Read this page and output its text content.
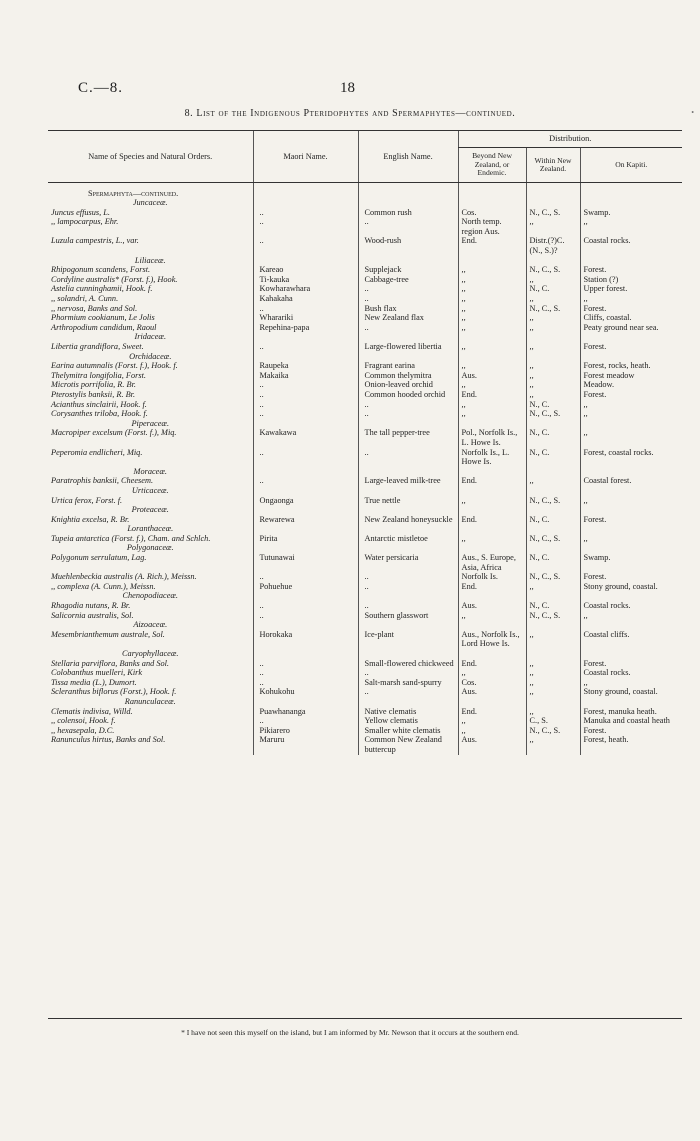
C.—8.	18
8. List of the Indigenous Pteridophytes and Spermaphytes—continued.
Name of Species and Natural Orders.	Maori Name.	English Name.	Distribution.		
			Beyond New Zealand, or Endemic.	Within New Zealand.	On Kapiti.

Spermaphyta—continued.					
Juncaceæ.					
Juncus effusus, L.	..	Common rush	Cos.	N., C., S.	Swamp.
,, lampocarpus, Ehr.	..	..	North temp. region Aus.	,,	,,
Luzula campestris, L., var.	..	Wood-rush	End.	Distr.(?)C. (N., S.)?	Coastal rocks.
Liliaceæ.					
Rhipogonum scandens, Forst.	Kareao	Supplejack	,,	N., C., S.	Forest.
Cordyline australis* (Forst. f.), Hook.	Ti-kauka	Cabbage-tree	,,	,,	Station (?)
Astelia cunninghamii, Hook. f.	Kowharawhara	..	,,	N., C.	Upper forest.
,, solandri, A. Cunn.	Kahakaha	..	,,	,,	,,
,, nervosa, Banks and Sol.	..	Bush flax	,,	N., C., S.	Forest.
Phormium cookianum, Le Jolis	Wharariki	New Zealand flax	,,	,,	Cliffs, coastal.
Arthropodium candidum, Raoul	Repehina-papa	..	,,	,,	Peaty ground near sea.
Iridaceæ.					
Libertia grandiflora, Sweet.	..	Large-flowered libertia	,,	,,	Forest.
Orchidaceæ.					
Earina autumnalis (Forst. f.), Hook. f.	Raupeka	Fragrant earina	,,	,,	Forest, rocks, heath.
Thelymitra longifolia, Forst.	Makaika	Common thelymitra	Aus.	,,	Forest meadow
Microtis porrifolia, R. Br.	..	Onion-leaved orchid	,,	,,	Meadow.
Pterostylis banksii, R. Br.	..	Common hooded orchid	End.	,,	Forest.
Acianthus sinclairii, Hook. f.	..	..	,,	N., C.	,,
Corysanthes triloba, Hook. f.	..	..	,,	N., C., S.	,,
Piperaceæ.					
Macropiper excelsum (Forst. f.), Miq.	Kawakawa	The tall pepper-tree	Pol., Norfolk Is., L. Howe Is.	N., C.	,,
Peperomia endlicheri, Miq.	..	..	Norfolk Is., L. Howe Is.	N., C.	Forest, coastal rocks.
Moraceæ.					
Paratrophis banksii, Cheesem.	..	Large-leaved milk-tree	End.	,,	Coastal forest.
Urticaceæ.					
Urtica ferox, Forst. f.	Ongaonga	True nettle	,,	N., C., S.	,,
Proteaceæ.					
Knightia excelsa, R. Br.	Rewarewa	New Zealand honeysuckle	End.	N., C.	Forest.
Loranthaceæ.					
Tupeia antarctica (Forst. f.), Cham. and Schlch.	Pirita	Antarctic mistletoe	,,	N., C., S.	,,
Polygonaceæ.					
Polygonum serrulatum, Lag.	Tutunawai	Water persicaria	Aus., S. Europe, Asia, Africa	N., C.	Swamp.
Muehlenbeckia australis (A. Rich.), Meissn.	..	..	Norfolk Is.	N., C., S.	Forest.
,, complexa (A. Cunn.), Meissn.	Pohuehue	..	End.	,,	Stony ground, coastal.
Chenopodiaceæ.					
Rhagodia nutans, R. Br.	..	..	Aus.	N., C.	Coastal rocks.
Salicornia australis, Sol.	..	Southern glasswort	,,	N., C., S.	,,
Aizoaceæ.					
Mesembrianthemum australe, Sol.	Horokaka	Ice-plant	Aus., Norfolk Is., Lord Howe Is.	,,	Coastal cliffs.
Caryophyllaceæ.					
Stellaria parviflora, Banks and Sol.	..	Small-flowered chickweed	End.	,,	Forest.
Colobanthus muelleri, Kirk	..	..	,,	,,	Coastal rocks.
Tissa media (L.), Dumort.	..	Salt-marsh sand-spurry	Cos.	,,	,,
Scleranthus biflorus (Forst.), Hook. f.	Kohukohu	..	Aus.	,,	Stony ground, coastal.
Ranunculaceæ.					
Clematis indivisa, Willd.	Puawhananga	Native clematis	End.	,,	Forest, manuka heath.
,, colensoi, Hook. f.	..	Yellow clematis	,,	C., S.	Manuka and coastal heath
,, hexasepala, D.C.	Pikiarero	Smaller white clematis	,,	N., C., S.	Forest.
Ranunculus hirtus, Banks and Sol.	Maruru	Common New Zealand buttercup	Aus.	,,	Forest, heath.
* I have not seen this myself on the island, but I am informed by Mr. Newson that it occurs at the southern end.
•
